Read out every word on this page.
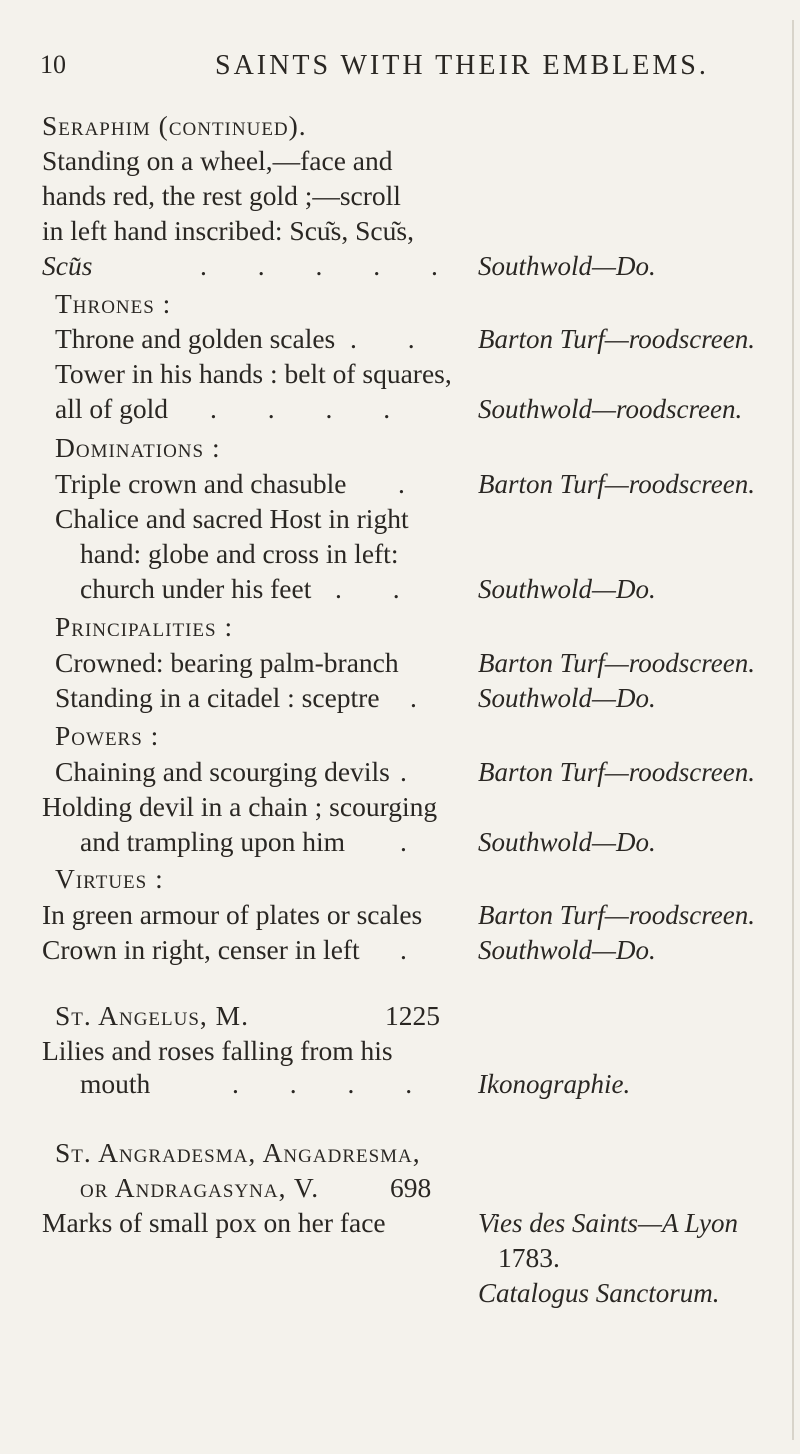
10	SAINTS WITH THEIR EMBLEMS.
Seraphim (continued).
Standing on a wheel,—face and
hands red, the rest gold ;—scroll
in left hand inscribed: Scu͂s, Scu͂s,
Scu͂s	. . . . . Southwold—Do.
Thrones :
Throne and golden scales . . Barton Turf—roodscreen.
Tower in his hands : belt of squares,
all of gold . . . . Southwold—roodscreen.
Dominations :
Triple crown and chasuble . Barton Turf—roodscreen.
Chalice and sacred Host in right
hand: globe and cross in left:
church under his feet . . Southwold—Do.
Principalities :
Crowned: bearing palm-branch	Barton Turf—roodscreen.
Standing in a citadel : sceptre . Southwold—Do.
Powers :
Chaining and scourging devils . Barton Turf—roodscreen.
Holding devil in a chain ; scourging
and trampling upon him . Southwold—Do.
Virtues :
In green armour of plates or scales Barton Turf—roodscreen.
Crown in right, censer in left . Southwold—Do.
St. Angelus, M.	1225
Lilies and roses falling from his
mouth	. . . . Ikonographie.
St. Angradesma, Angadresma,
or Andragasyna, V.	698
Marks of small pox on her face	Vies des Saints—A Lyon
1783.
Catalogus Sanctorum.
